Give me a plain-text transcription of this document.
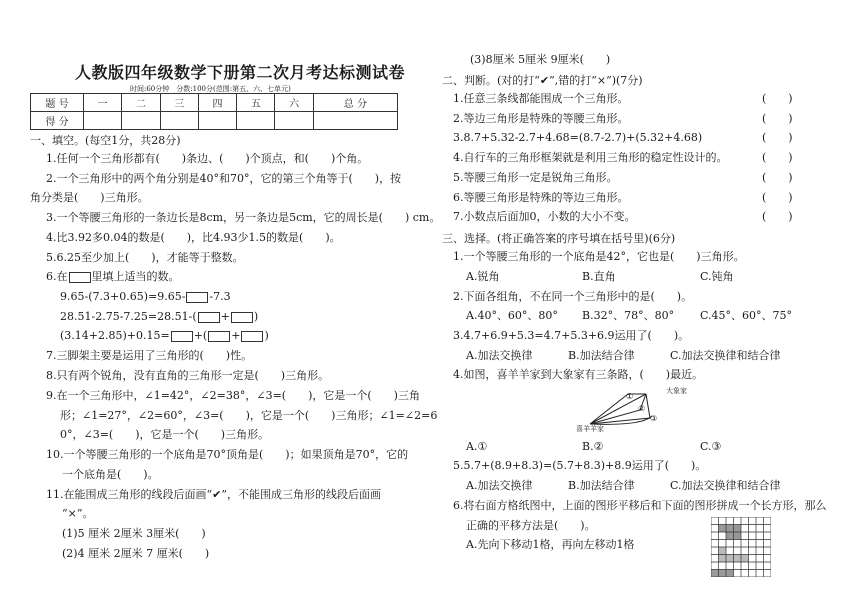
人教版四年级数学下册第二次月考达标测试卷
时间:60分钟　分数:100分(范围:第五、六、七单元)
题 号	一	二	三	四	五	六	总 分
得 分							
一、填空。(每空1分，共28分)
1.任何一个三角形都有(　　)条边、(　　)个顶点，和(　　)个角。
2.一个三角形中的两个角分别是40°和70°，它的第三个角等于(　　)，按
角分类是(　　)三角形。
3.一个等腰三角形的一条边长是8cm，另一条边是5cm，它的周长是(　　) cm。
4.比3.92多0.04的数是(　　)，比4.93少1.5的数是(　　)。
5.6.25至少加上(　　)，才能等于整数。
6.在 里填上适当的数。
9.65-(7.3+0.65)=9.65- -7.3
28.51-2.75-7.25=28.51-( + )
(3.14+2.85)+0.15= +( + )
7.三脚架主要是运用了三角形的(　　)性。
8.只有两个锐角，没有直角的三角形一定是(　　)三角形。
9.在一个三角形中，∠1=42°，∠2=38°，∠3=(　　)，它是一个(　　)三角
形；∠1=27°，∠2=60°，∠3=(　　)，它是一个(　　)三角形；∠1=∠2=6
0°，∠3=(　　)，它是一个(　　)三角形。
10.一个等腰三角形的一个底角是70°顶角是(　　)；如果顶角是70°，它的
一个底角是(　　)。
11.在能围成三角形的线段后面画“✔”，不能围成三角形的线段后面画
“×”。
(1)5 厘米 2厘米 3厘米(　　)
(2)4 厘米 2厘米 7 厘米(　　)
(3)8厘米 5厘米 9厘米(　　)
二、判断。(对的打“✔”,错的打“×”)(7分)
1.任意三条线都能围成一个三角形。	(　　)
2.等边三角形是特殊的等腰三角形。	(　　)
3.8.7+5.32-2.7+4.68=(8.7-2.7)+(5.32+4.68)	(　　)
4.自行车的三角形框架就是利用三角形的稳定性设计的。	(　　)
5.等腰三角形一定是锐角三角形。	(　　)
6.等腰三角形是特殊的等边三角形。	(　　)
7.小数点后面加0，小数的大小不变。	(　　)
三、选择。(将正确答案的序号填在括号里)(6分)
1.一个等腰三角形的一个底角是42°，它也是(　　)三角形。
A.锐角	B.直角	C.钝角
2.下面各组角，不在同一个三角形中的是(　　)。
A.40°、60°、80° B.32°、78°、80° C.45°、60°、75°
3.4.7+6.9+5.3=4.7+5.3+6.9运用了(　　)。
A.加法交换律	B.加法结合律	C.加法交换律和结合律
4.如图，喜羊羊家到大象家有三条路，(　　)最近。
大象家
喜羊羊家
①
②
③
A.①	B.②	C.③
5.5.7+(8.9+8.3)=(5.7+8.3)+8.9运用了(　　)。
A.加法交换律	B.加法结合律	C.加法交换律和结合律
6.将右面方格纸图中，上面的图形平移后和下面的图形拼成一个长方形，那么
正确的平移方法是(　　)。
A.先向下移动1格，再向左移动1格
